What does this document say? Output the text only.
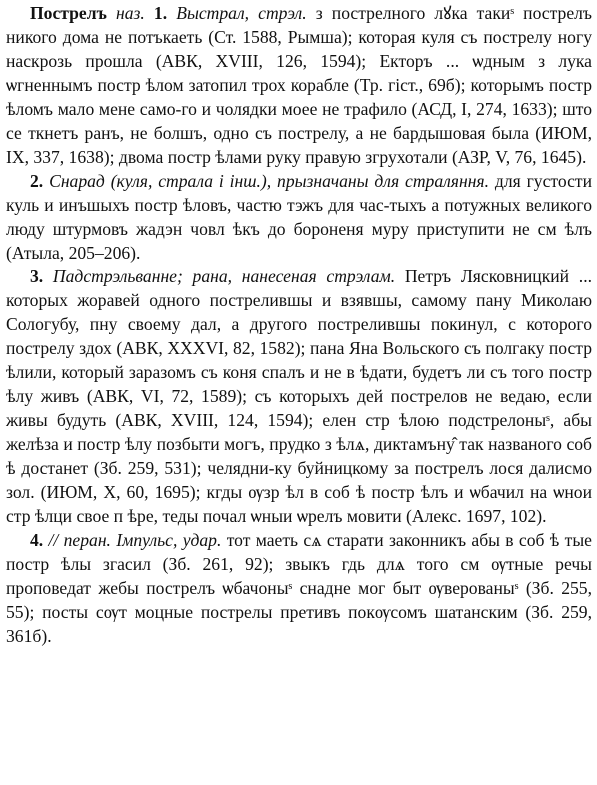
Пострелъ наз. 1. Выстрал, стрэл. з пострелного лꙋка такиˢ пострелъ никого дома не потъкаеть (Ст. 1588, Рымша); которая куля съ пострелу ногу наскрозь прошла (АВК, XVIII, 126, 1594); Екторъ ... ѡдным з лука ѡгненнымъ постр ѣлом затопил трох корабле (Тр. гіст., 69б); которымъ постр ѣломъ мало мене само-го и чолядки моее не трафило (АСД, I, 274, 1633); што се ткнетъ ранъ, не болшъ, одно съ пострелу, а не бардышовая была (ИЮМ, IX, 337, 1638); двома постр ѣлами руку правую згрухотали (АЗР, V, 76, 1645).

2. Снарад (куля, страла і інш.), прызначаны для страляння. для густости куль и инъшыхъ постр ѣловъ, частю тэжъ для час-тыхъ а потужных великого люду штурмовъ жадэн човл ѣкъ до бороненя муру приступити не см ѣлъ (Атыла, 205–206).

3. Падстрэльванне; рана, нанесеная стрэлам. Петръ Лясковницкий ... которых жоравей одного пострелившы и взявшы, самому пану Миколаю Сологубу, пну своему дал, а другого пострелившы покинул, с которого пострелу здох (АВК, XXXVI, 82, 1582); пана Яна Вольского съ полгаку постр ѣлили, который заразомъ съ коня спалъ и не в ѣдати, будетъ ли съ того постр ѣлу живъ (АВК, VI, 72, 1589); съ которыхъ дей пострелов не ведаю, если живы будуть (АВК, XVIII, 124, 1594); елен стр ѣлою подстрелоныˢ, абы желѣза и постр ѣлу позбыти могъ, прудко з ѣлѧ, диктамъну̂ так названого соб ѣ достанет (Зб. 259, 531); челядни-ку буйницкому за пострелъ лося далисмо зол. (ИЮМ, X, 60, 1695); кгды ѹзр ѣл в соб ѣ постр ѣлъ и ѡбачил на ѡнои стр ѣлци свое п ѣре, теды почал ѡныи ѡрелъ мовити (Алекс. 1697, 102).

4. // перан. Імпульс, удар. тот маеть сѧ старати законникъ абы в соб ѣ тые постр ѣлы згасил (Зб. 261, 92); звыкъ гдь длѧ того см ѹтные речы проповедат жебы пострелъ ѡбачоныˢ снадне мог быт ѹверованыˢ (Зб. 255, 55); посты сѹт моцные пострелы претивъ покѹсомъ шатанским (Зб. 259, 361б).
